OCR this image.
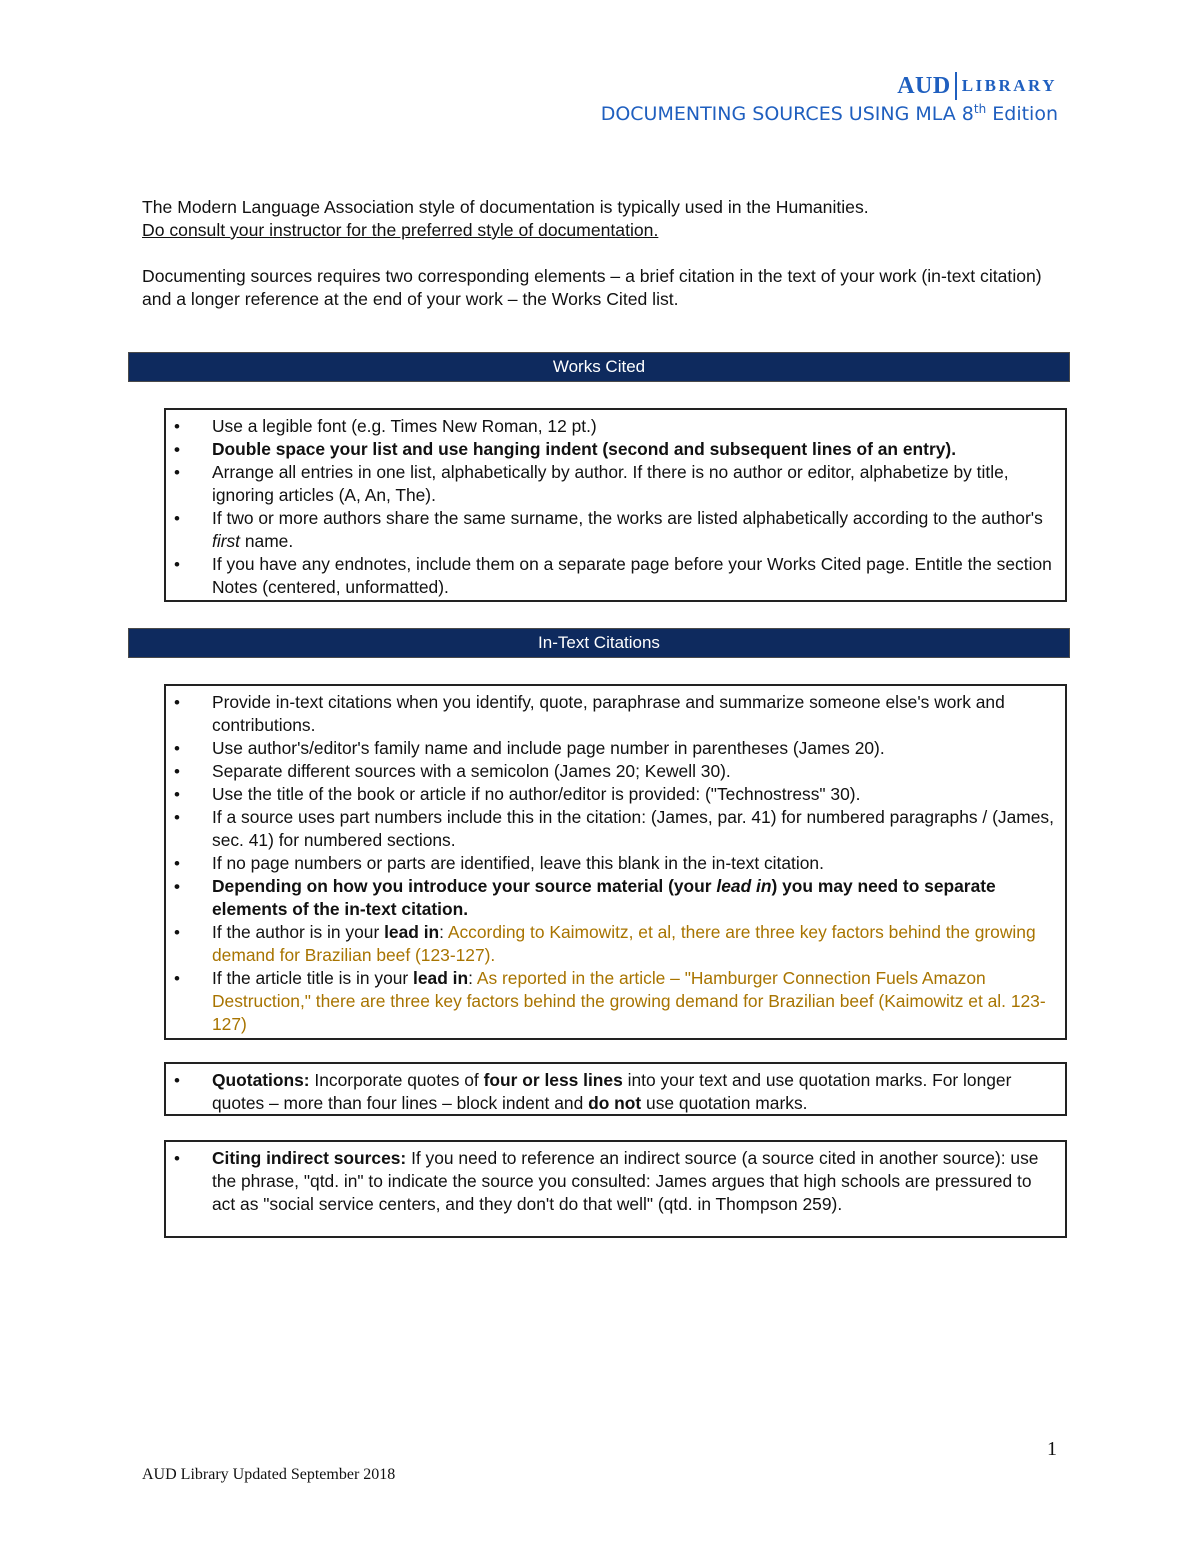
AUD LIBRARY
DOCUMENTING SOURCES USING MLA 8th Edition

The Modern Language Association style of documentation is typically used in the Humanities.

Do consult your instructor for the preferred style of documentation.

Documenting sources requires two corresponding elements – a brief citation in the text of your work (in-text citation) and a longer reference at the end of your work – the Works Cited list.

Works Cited
• Use a legible font (e.g. Times New Roman, 12 pt.)
• Double space your list and use hanging indent (second and subsequent lines of an entry).
• Arrange all entries in one list, alphabetically by author. If there is no author or editor, alphabetize by title, ignoring articles (A, An, The).
• If two or more authors share the same surname, the works are listed alphabetically according to the author's first name.
• If you have any endnotes, include them on a separate page before your Works Cited page. Entitle the section Notes (centered, unformatted).
In-Text Citations
• Provide in-text citations when you identify, quote, paraphrase and summarize someone else's work and contributions.
• Use author's/editor's family name and include page number in parentheses (James 20).
• Separate different sources with a semicolon (James 20; Kewell 30).
• Use the title of the book or article if no author/editor is provided: ("Technostress" 30).
• If a source uses part numbers include this in the citation: (James, par. 41) for numbered paragraphs / (James, sec. 41) for numbered sections.
• If no page numbers or parts are identified, leave this blank in the in-text citation.
• Depending on how you introduce your source material (your lead in) you may need to separate elements of the in-text citation.
• If the author is in your lead in: According to Kaimowitz, et al, there are three key factors behind the growing demand for Brazilian beef (123-127).
• If the article title is in your lead in: As reported in the article – "Hamburger Connection Fuels Amazon Destruction," there are three key factors behind the growing demand for Brazilian beef (Kaimowitz et al. 123-127)
• Quotations: Incorporate quotes of four or less lines into your text and use quotation marks. For longer quotes – more than four lines – block indent and do not use quotation marks.
• Citing indirect sources: If you need to reference an indirect source (a source cited in another source): use the phrase, "qtd. in" to indicate the source you consulted: James argues that high schools are pressured to act as "social service centers, and they don't do that well" (qtd. in Thompson 259).
1
AUD Library Updated September 2018
